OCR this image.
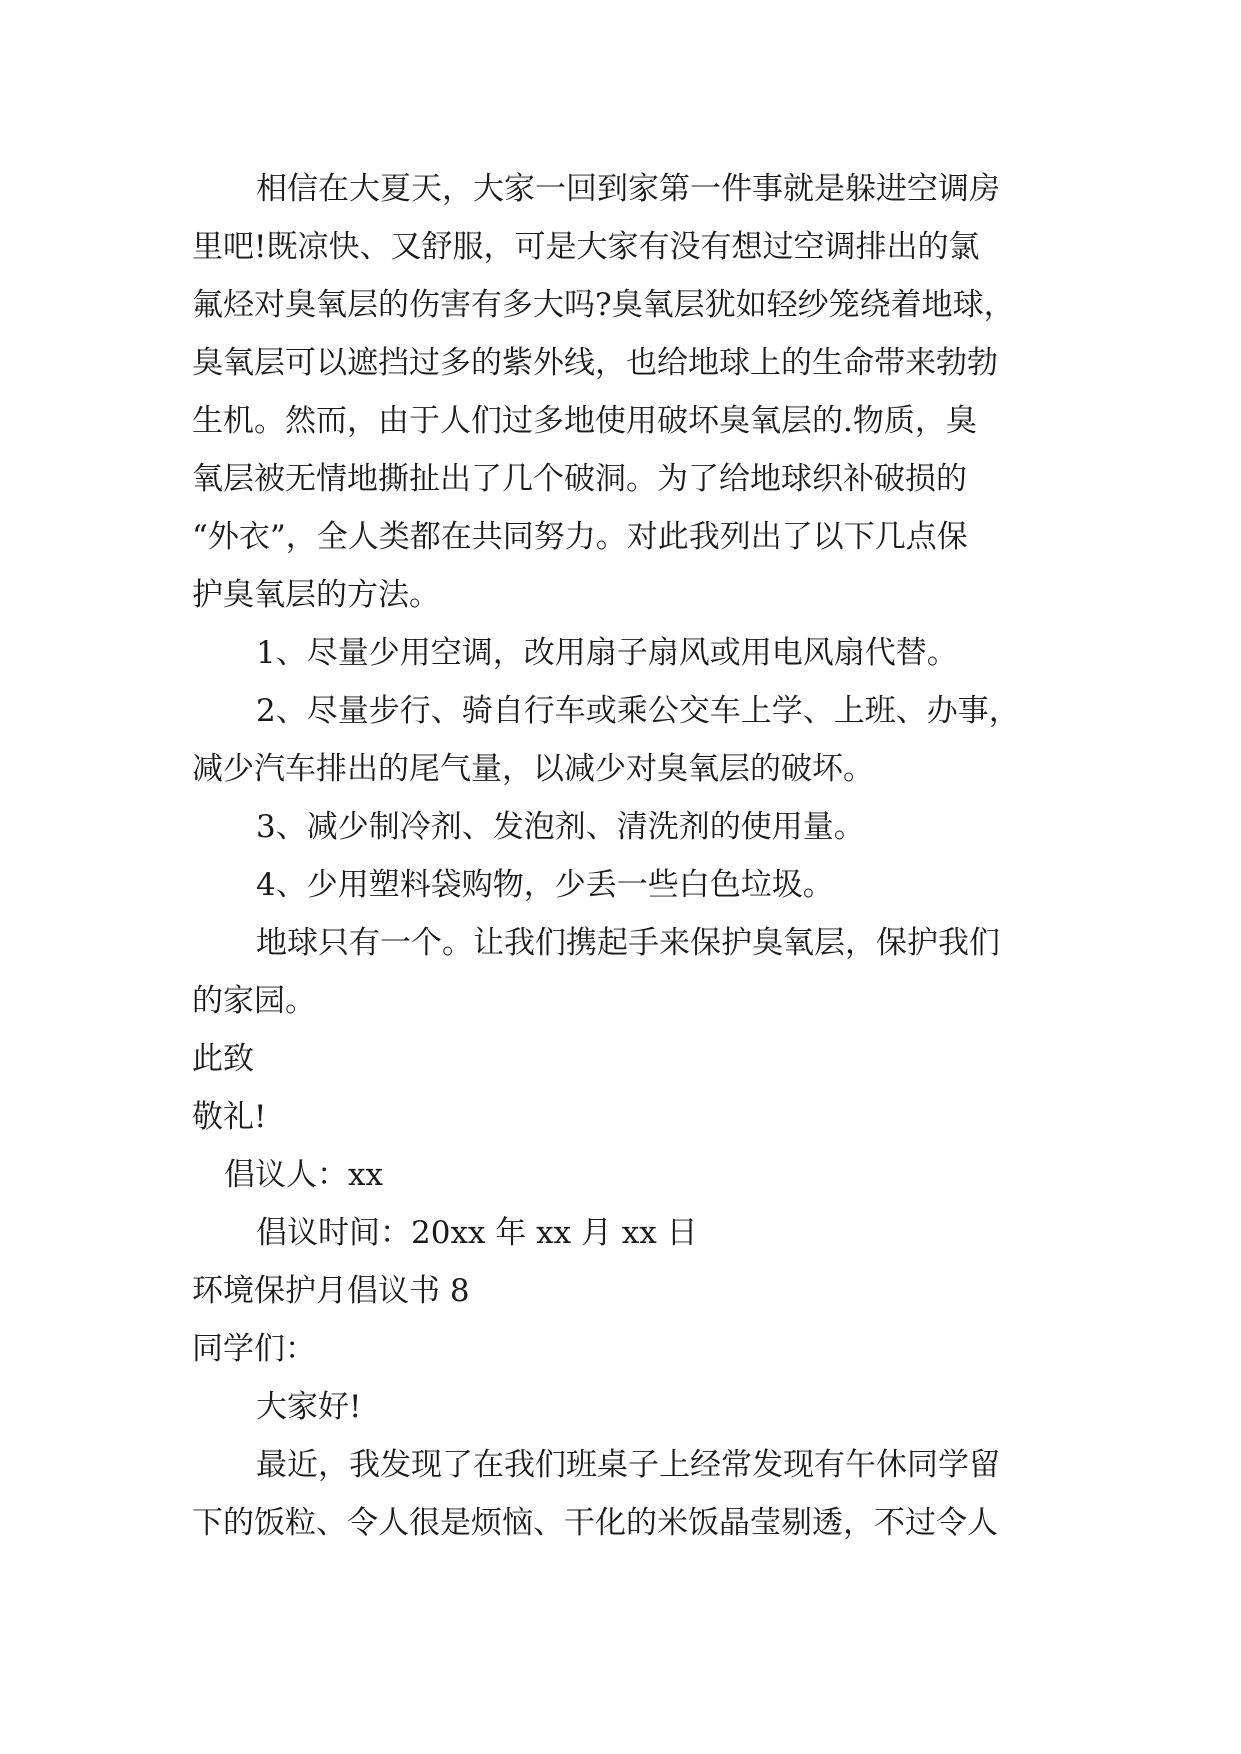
相信在大夏天，大家一回到家第一件事就是躲进空调房
里吧!既凉快、又舒服，可是大家有没有想过空调排出的氯
氟烃对臭氧层的伤害有多大吗?臭氧层犹如轻纱笼绕着地球，
臭氧层可以遮挡过多的紫外线，也给地球上的生命带来勃勃
生机。然而，由于人们过多地使用破坏臭氧层的.物质，臭
氧层被无情地撕扯出了几个破洞。为了给地球织补破损的
“外衣”，全人类都在共同努力。对此我列出了以下几点保
护臭氧层的方法。

1、尽量少用空调，改用扇子扇风或用电风扇代替。

2、尽量步行、骑自行车或乘公交车上学、上班、办事，
减少汽车排出的尾气量，以减少对臭氧层的破坏。

3、减少制冷剂、发泡剂、清洗剂的使用量。

4、少用塑料袋购物，少丢一些白色垃圾。

地球只有一个。让我们携起手来保护臭氧层，保护我们
的家园。

此致

敬礼!

倡议人：xx

倡议时间：20xx 年 xx 月 xx 日

环境保护月倡议书 8

同学们：

大家好!

最近，我发现了在我们班桌子上经常发现有午休同学留
下的饭粒、令人很是烦恼、干化的米饭晶莹剔透，不过令人
